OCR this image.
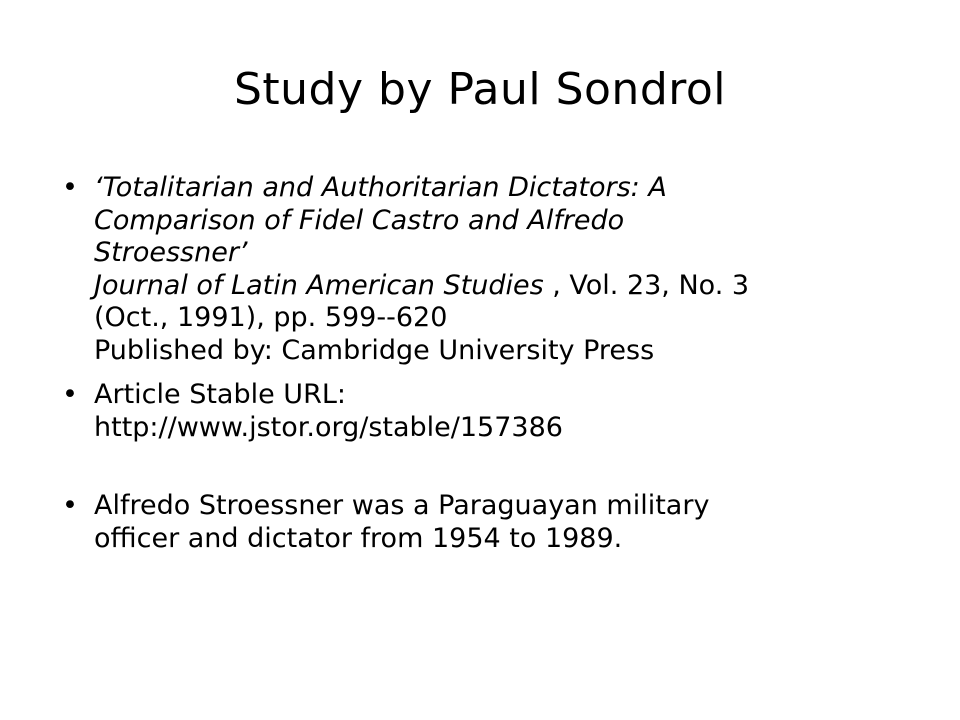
Study by Paul Sondrol
• ‘Totalitarian and Authoritarian Dictators: A
Comparison of Fidel Castro and Alfredo
Stroessner’
Journal of Latin American Studies , Vol. 23, No. 3
(Oct., 1991), pp. 599--620
Published by: Cambridge University Press
• Article Stable URL:
http://www.jstor.org/stable/157386
• Alfredo Stroessner was a Paraguayan military
officer and dictator from 1954 to 1989.
